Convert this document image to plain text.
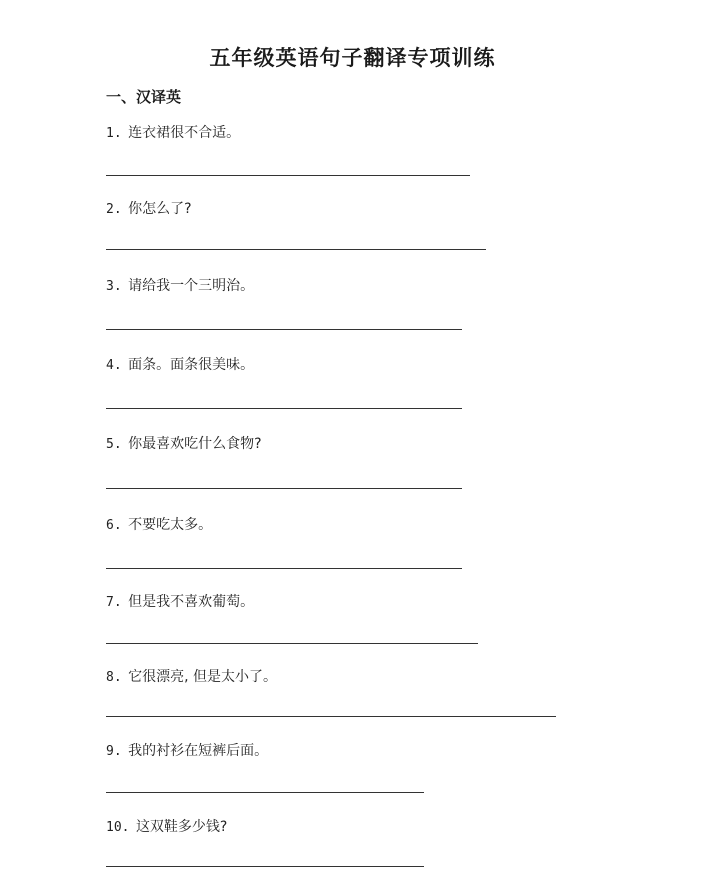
五年级英语句子翻译专项训练
一、汉译英
1. 连衣裙很不合适。
2. 你怎么了?
3. 请给我一个三明治。
4. 面条。面条很美味。
5. 你最喜欢吃什么食物?
6. 不要吃太多。
7. 但是我不喜欢葡萄。
8. 它很漂亮, 但是太小了。
9. 我的衬衫在短裤后面。
10. 这双鞋多少钱?
